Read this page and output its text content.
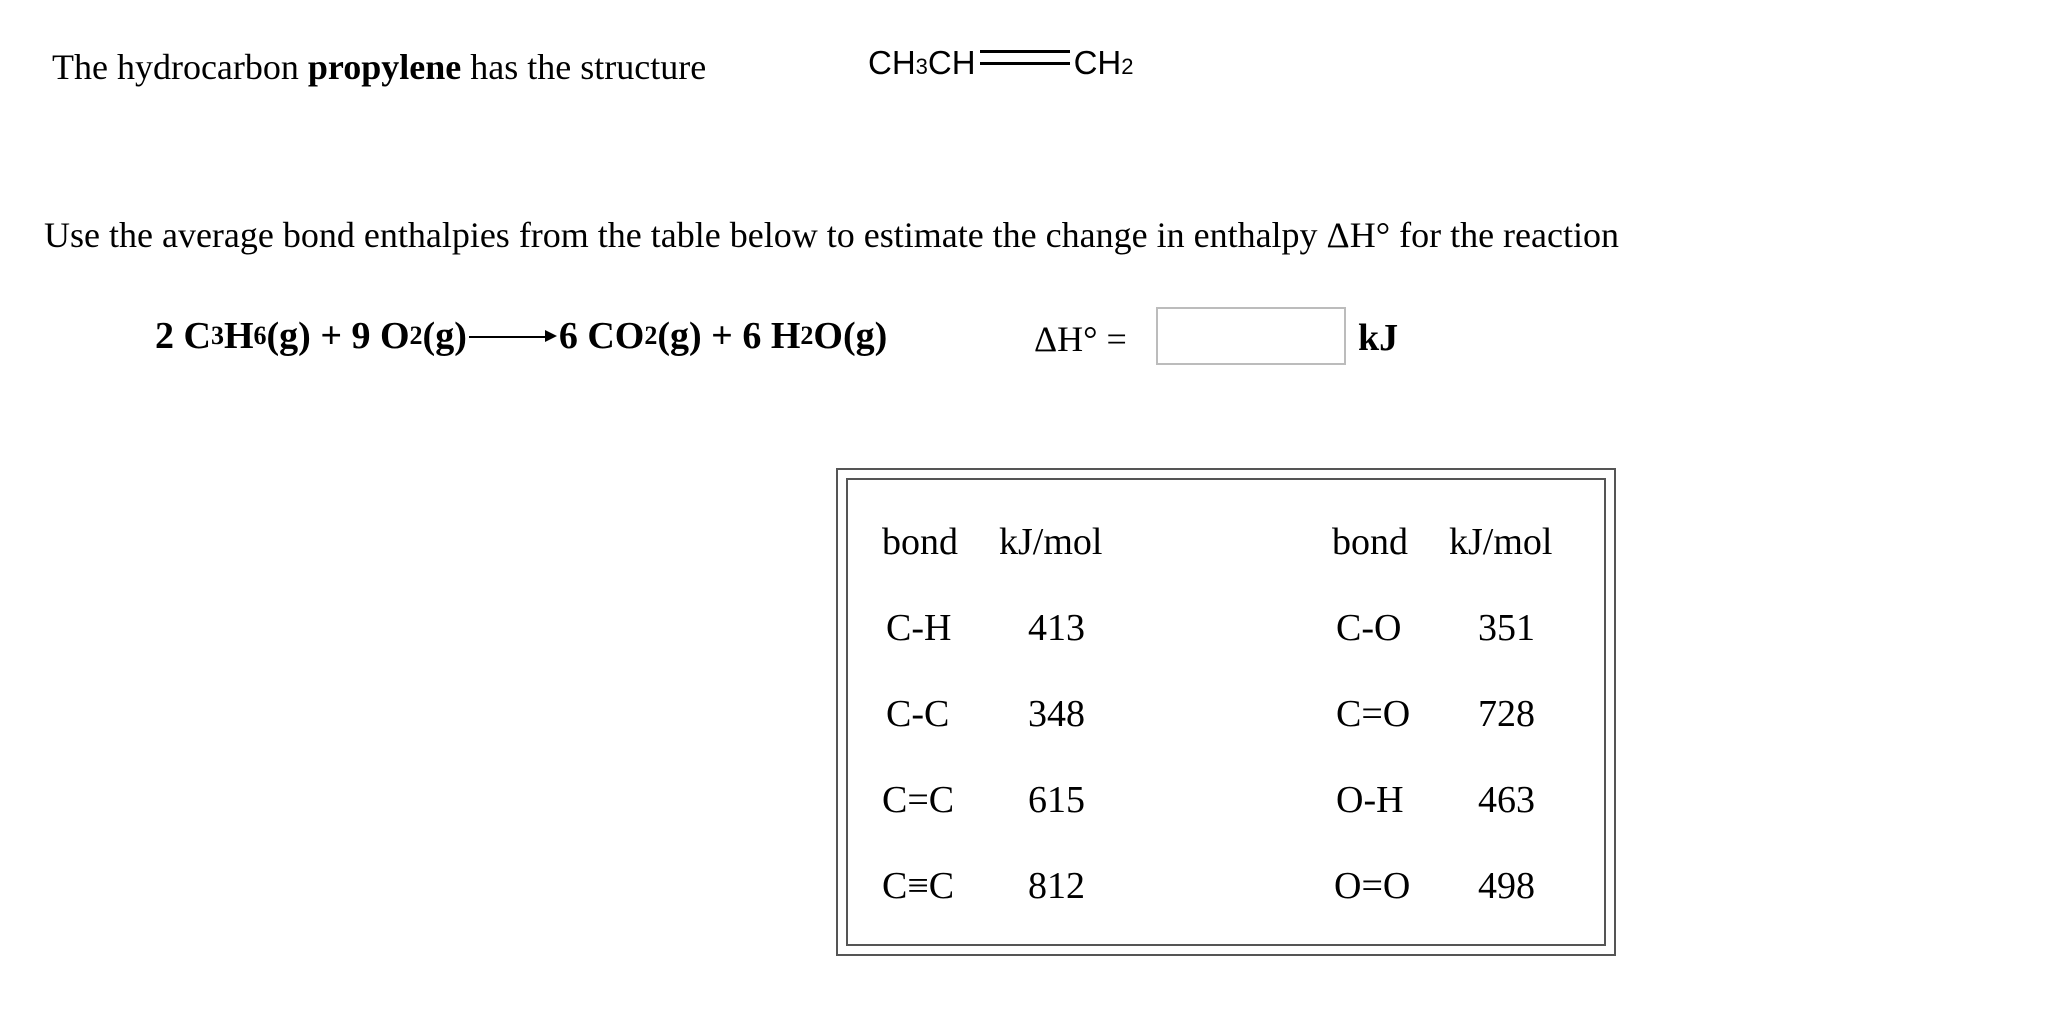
The hydrocarbon propylene has the structure	CH 3 CH	CH 2
Use the average bond enthalpies from the table below to estimate the change in enthalpy ΔH° for the reaction
2 C 3 H 6 (g) + 9 O 2 (g) 6 CO 2 (g) + 6 H 2 O(g)	ΔH° =	kJ
bond kJ/mol	bond kJ/mol
C-H 413	C-O 351
C-C 348	C=O 728
C=C 615	O-H 463
C≡C 812	O=O 498
